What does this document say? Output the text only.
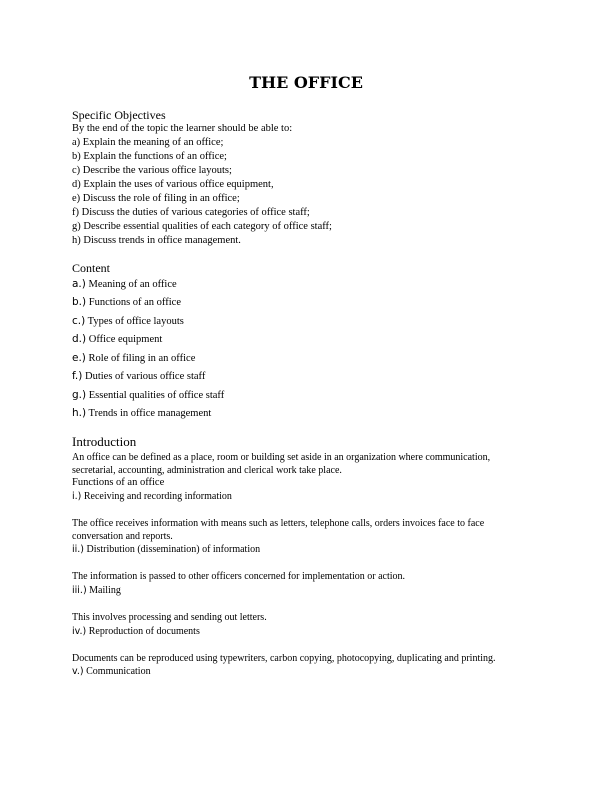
THE OFFICE
Specific Objectives
By the end of the topic the learner should be able to:
a) Explain the meaning of an office;
b) Explain the functions of an office;
c) Describe the various office layouts;
d) Explain the uses of various office equipment,
e) Discuss the role of filing in an office;
f) Discuss the duties of various categories of office staff;
g) Describe essential qualities of each category of office staff;
h) Discuss trends in office management.
Content
a.) Meaning of an office
b.) Functions of an office
c.) Types of office layouts
d.) Office equipment
e.) Role of filing in an office
f.) Duties of various office staff
g.) Essential qualities of office staff
h.) Trends in office management
Introduction
An office can be defined as a place, room or building set aside in an organization where communication,
secretarial, accounting, administration and clerical work take place.
Functions of an office
i.) Receiving and recording information
The office receives information with means such as letters, telephone calls, orders invoices face to face
conversation and reports.
ii.) Distribution (dissemination) of information
The information is passed to other officers concerned for implementation or action.
iii.) Mailing
This involves processing and sending out letters.
iv.) Reproduction of documents
Documents can be reproduced using typewriters, carbon copying, photocopying, duplicating and printing.
v.) Communication
